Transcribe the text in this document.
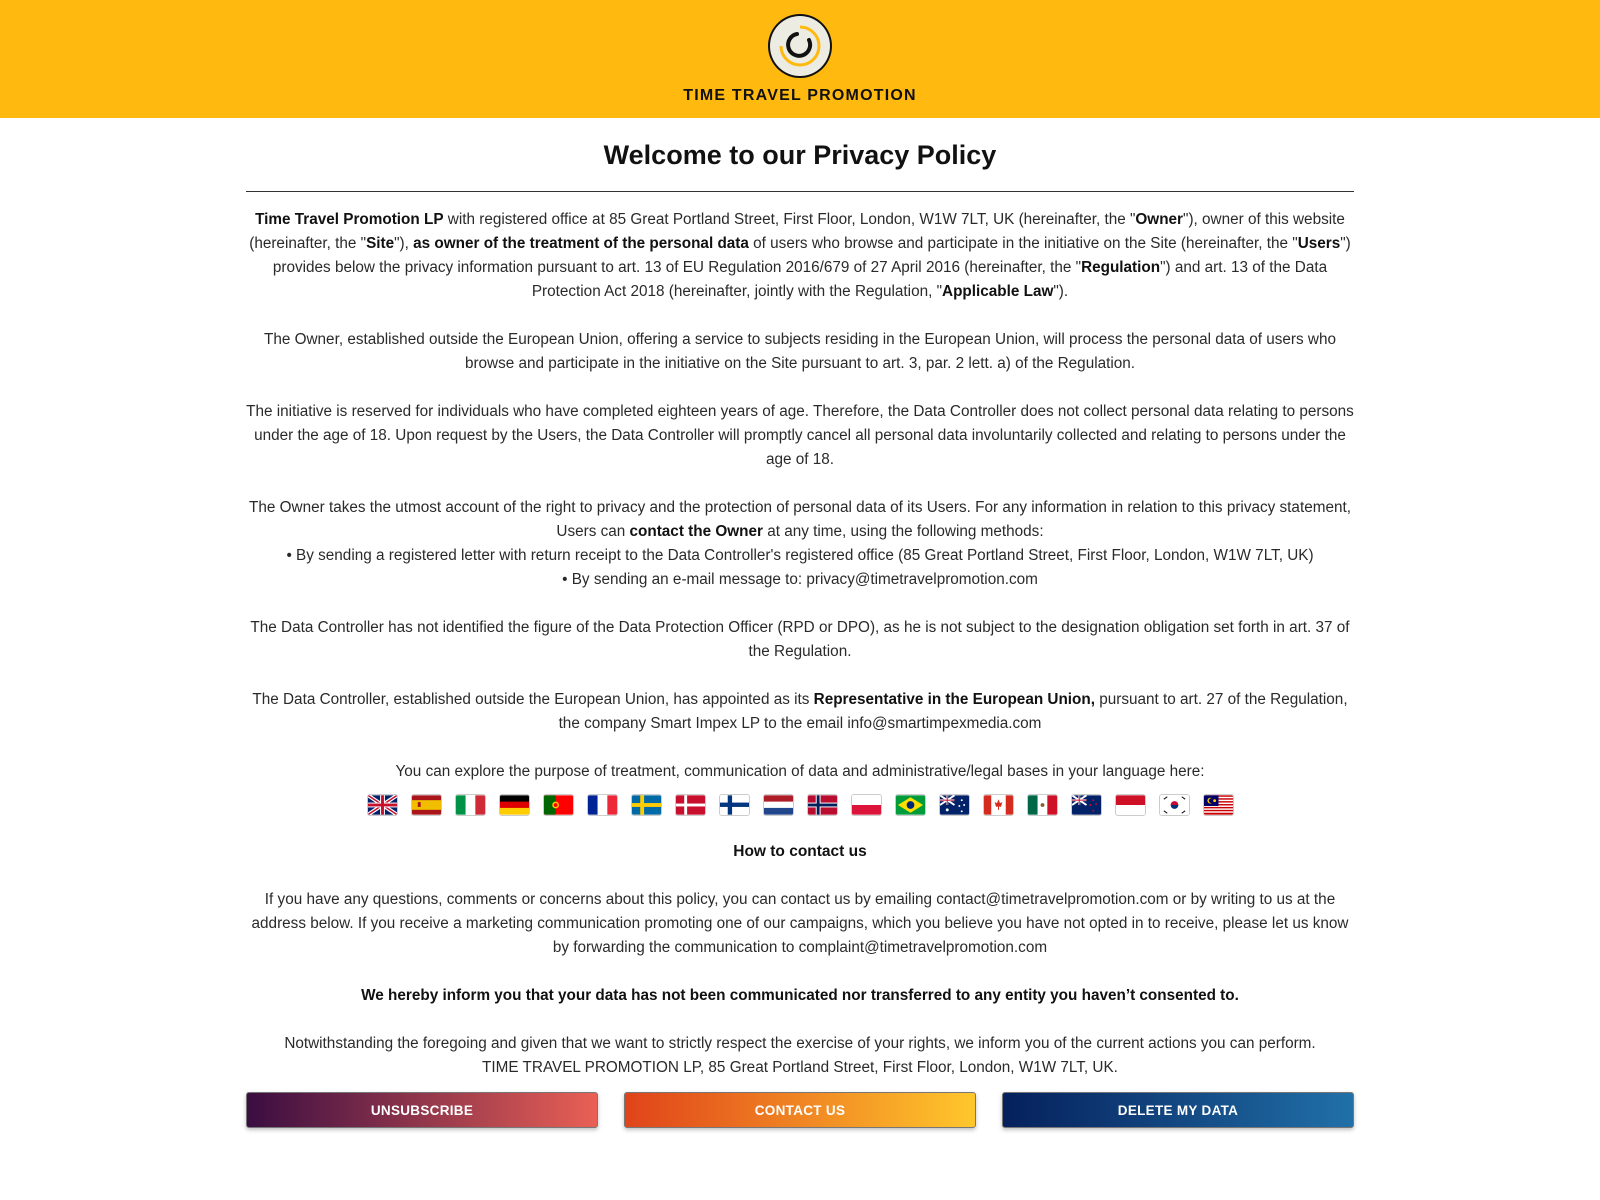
TIME TRAVEL PROMOTION
Welcome to our Privacy Policy

Time Travel Promotion LP with registered office at 85 Great Portland Street, First Floor, London, W1W 7LT, UK (hereinafter, the "Owner"), owner of this website (hereinafter, the "Site"), as owner of the treatment of the personal data of users who browse and participate in the initiative on the Site (hereinafter, the "Users") provides below the privacy information pursuant to art. 13 of EU Regulation 2016/679 of 27 April 2016 (hereinafter, the "Regulation") and art. 13 of the Data Protection Act 2018 (hereinafter, jointly with the Regulation, "Applicable Law").

The Owner, established outside the European Union, offering a service to subjects residing in the European Union, will process the personal data of users who browse and participate in the initiative on the Site pursuant to art. 3, par. 2 lett. a) of the Regulation.

The initiative is reserved for individuals who have completed eighteen years of age. Therefore, the Data Controller does not collect personal data relating to persons under the age of 18. Upon request by the Users, the Data Controller will promptly cancel all personal data involuntarily collected and relating to persons under the age of 18.

The Owner takes the utmost account of the right to privacy and the protection of personal data of its Users. For any information in relation to this privacy statement, Users can contact the Owner at any time, using the following methods:
• By sending a registered letter with return receipt to the Data Controller's registered office (85 Great Portland Street, First Floor, London, W1W 7LT, UK)
• By sending an e-mail message to: privacy@timetravelpromotion.com

The Data Controller has not identified the figure of the Data Protection Officer (RPD or DPO), as he is not subject to the designation obligation set forth in art. 37 of the Regulation.

The Data Controller, established outside the European Union, has appointed as its Representative in the European Union, pursuant to art. 27 of the Regulation, the company Smart Impex LP to the email info@smartimpexmedia.com

You can explore the purpose of treatment, communication of data and administrative/legal bases in your language here:

How to contact us

If you have any questions, comments or concerns about this policy, you can contact us by emailing contact@timetravelpromotion.com or by writing to us at the address below. If you receive a marketing communication promoting one of our campaigns, which you believe you have not opted in to receive, please let us know by forwarding the communication to complaint@timetravelpromotion.com

We hereby inform you that your data has not been communicated nor transferred to any entity you haven’t consented to.

Notwithstanding the foregoing and given that we want to strictly respect the exercise of your rights, we inform you of the current actions you can perform.
TIME TRAVEL PROMOTION LP, 85 Great Portland Street, First Floor, London, W1W 7LT, UK.

UNSUBSCRIBE	CONTACT US	DELETE MY DATA
